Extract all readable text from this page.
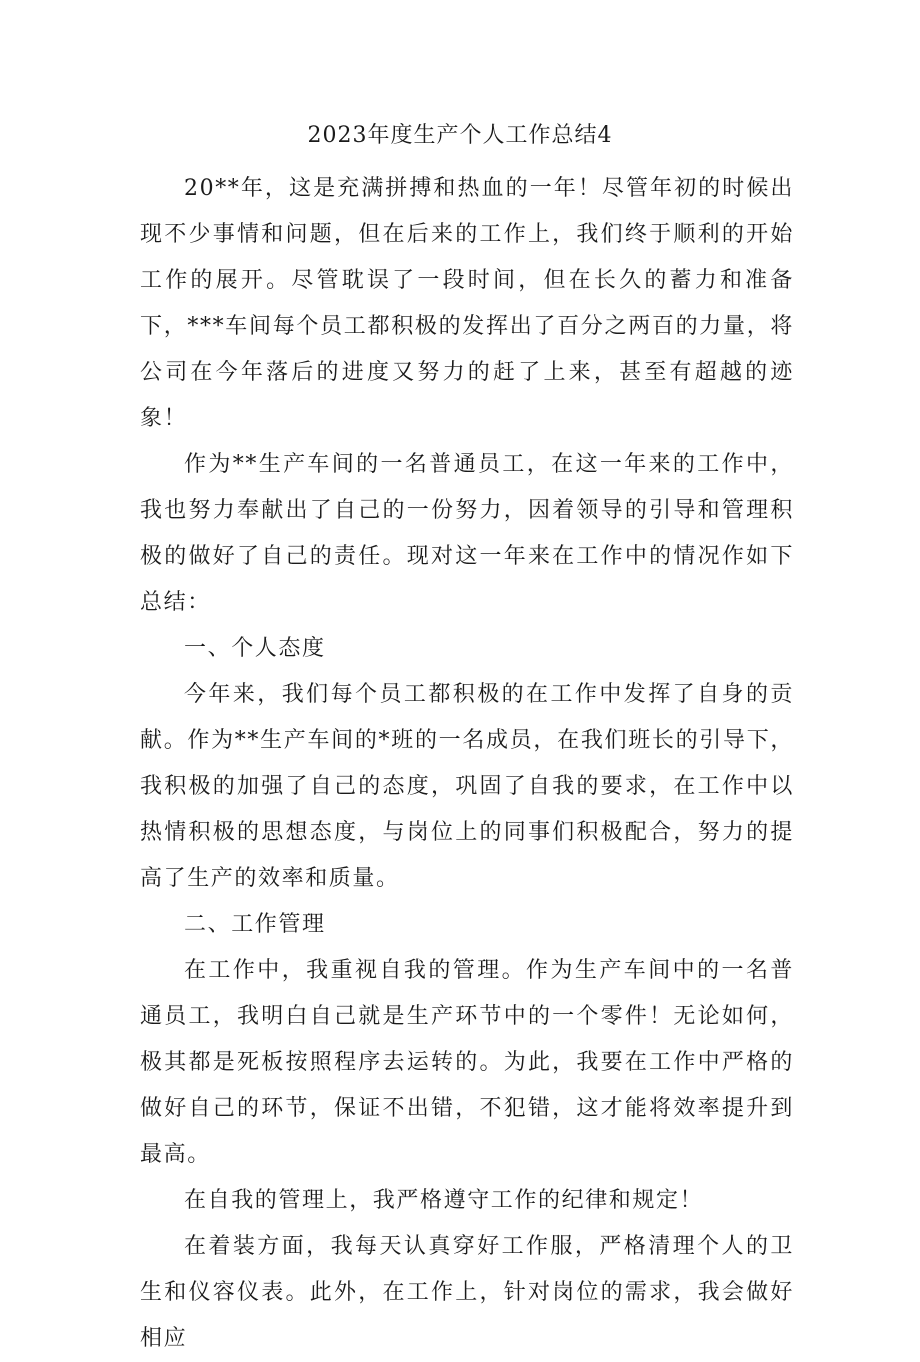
2023年度生产个人工作总结4

20**年，这是充满拼搏和热血的一年！尽管年初的时候出现不少事情和问题，但在后来的工作上，我们终于顺利的开始工作的展开。尽管耽误了一段时间，但在长久的蓄力和准备下，***车间每个员工都积极的发挥出了百分之两百的力量，将公司在今年落后的进度又努力的赶了上来，甚至有超越的迹象！

作为**生产车间的一名普通员工，在这一年来的工作中，我也努力奉献出了自己的一份努力，因着领导的引导和管理积极的做好了自己的责任。现对这一年来在工作中的情况作如下总结：

一、个人态度

今年来，我们每个员工都积极的在工作中发挥了自身的贡献。作为**生产车间的*班的一名成员，在我们班长的引导下，我积极的加强了自己的态度，巩固了自我的要求，在工作中以热情积极的思想态度，与岗位上的同事们积极配合，努力的提高了生产的效率和质量。

二、工作管理

在工作中，我重视自我的管理。作为生产车间中的一名普通员工，我明白自己就是生产环节中的一个零件！无论如何，极其都是死板按照程序去运转的。为此，我要在工作中严格的做好自己的环节，保证不出错，不犯错，这才能将效率提升到最高。

在自我的管理上，我严格遵守工作的纪律和规定！

在着装方面，我每天认真穿好工作服，严格清理个人的卫生和仪容仪表。此外，在工作上，针对岗位的需求，我会做好相应
